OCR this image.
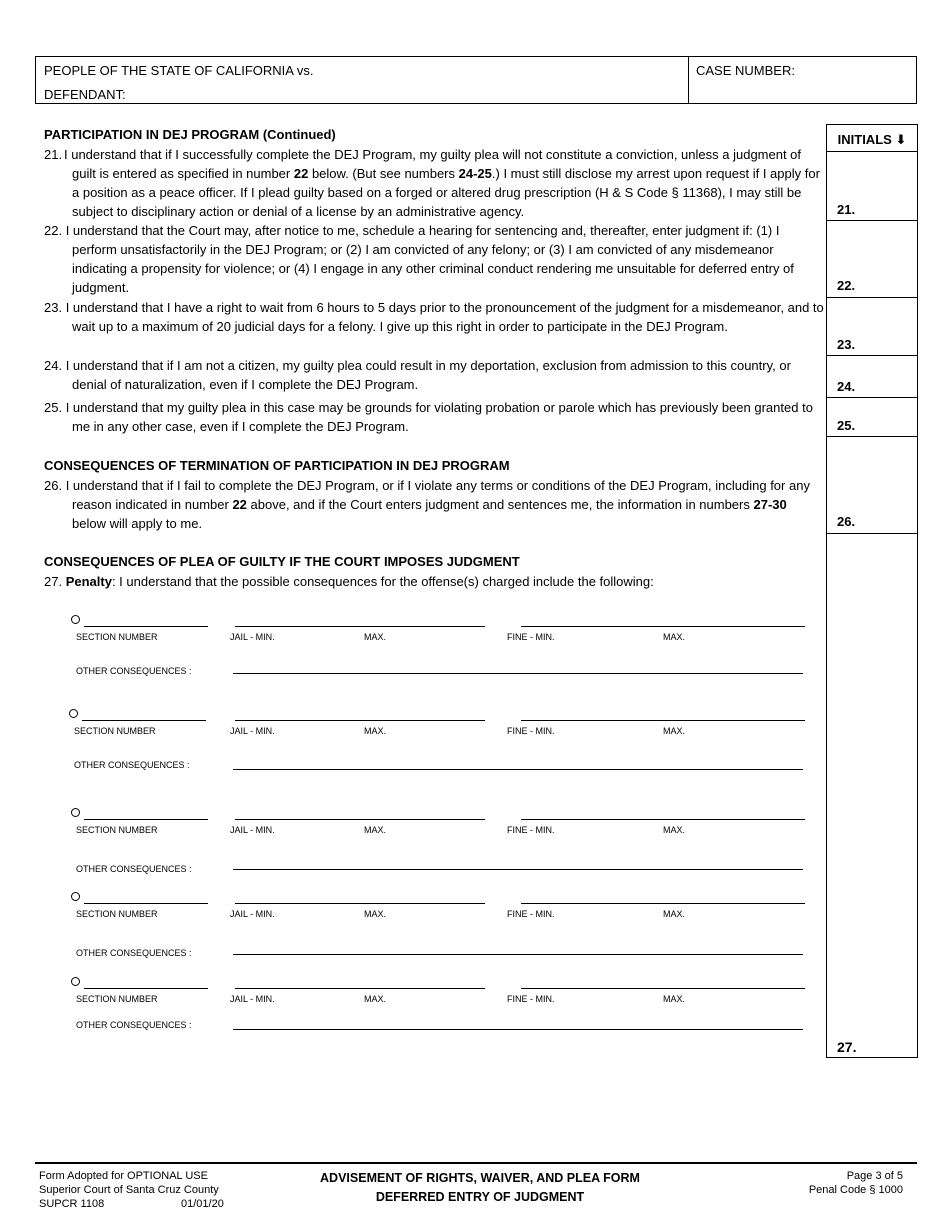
PEOPLE OF THE STATE OF CALIFORNIA vs.
DEFENDANT:
CASE NUMBER:
INITIALS ⬇
21.
22.
23.
24.
25.
26.
27.
PARTICIPATION IN DEJ PROGRAM (Continued)
21. I understand that if I successfully complete the DEJ Program, my guilty plea will not constitute a conviction, unless a judgment of guilt is entered as specified in number 22 below. (But see numbers 24-25.) I must still disclose my arrest upon request if I apply for a position as a peace officer. If I plead guilty based on a forged or altered drug prescription (H & S Code § 11368), I may still be subject to disciplinary action or denial of a license by an administrative agency.
22. I understand that the Court may, after notice to me, schedule a hearing for sentencing and, thereafter, enter judgment if: (1) I perform unsatisfactorily in the DEJ Program; or (2) I am convicted of any felony; or (3) I am convicted of any misdemeanor indicating a propensity for violence; or (4) I engage in any other criminal conduct rendering me unsuitable for deferred entry of judgment.
23. I understand that I have a right to wait from 6 hours to 5 days prior to the pronouncement of the judgment for a misdemeanor, and to wait up to a maximum of 20 judicial days for a felony. I give up this right in order to participate in the DEJ Program.
24. I understand that if I am not a citizen, my guilty plea could result in my deportation, exclusion from admission to this country, or denial of naturalization, even if I complete the DEJ Program.
25. I understand that my guilty plea in this case may be grounds for violating probation or parole which has previously been granted to me in any other case, even if I complete the DEJ Program.
CONSEQUENCES OF TERMINATION OF PARTICIPATION IN DEJ PROGRAM
26. I understand that if I fail to complete the DEJ Program, or if I violate any terms or conditions of the DEJ Program, including for any reason indicated in number 22 above, and if the Court enters judgment and sentences me, the information in numbers 27-30 below will apply to me.
CONSEQUENCES OF PLEA OF GUILTY IF THE COURT IMPOSES JUDGMENT
27. Penalty: I understand that the possible consequences for the offense(s) charged include the following:
SECTION NUMBER	JAIL - MIN.	MAX.	FINE - MIN.	MAX.
OTHER CONSEQUENCES :
SECTION NUMBER	JAIL - MIN.	MAX.	FINE - MIN.	MAX.
OTHER CONSEQUENCES :
SECTION NUMBER	JAIL - MIN.	MAX.	FINE - MIN.	MAX.
OTHER CONSEQUENCES :
SECTION NUMBER	JAIL - MIN.	MAX.	FINE - MIN.	MAX.
OTHER CONSEQUENCES :
SECTION NUMBER	JAIL - MIN.	MAX.	FINE - MIN.	MAX.
OTHER CONSEQUENCES :
Form Adopted for OPTIONAL USE
Superior Court of Santa Cruz County
SUPCR 1108	01/01/20
ADVISEMENT OF RIGHTS, WAIVER, AND PLEA FORM
DEFERRED ENTRY OF JUDGMENT
Page 3 of 5
Penal Code § 1000
